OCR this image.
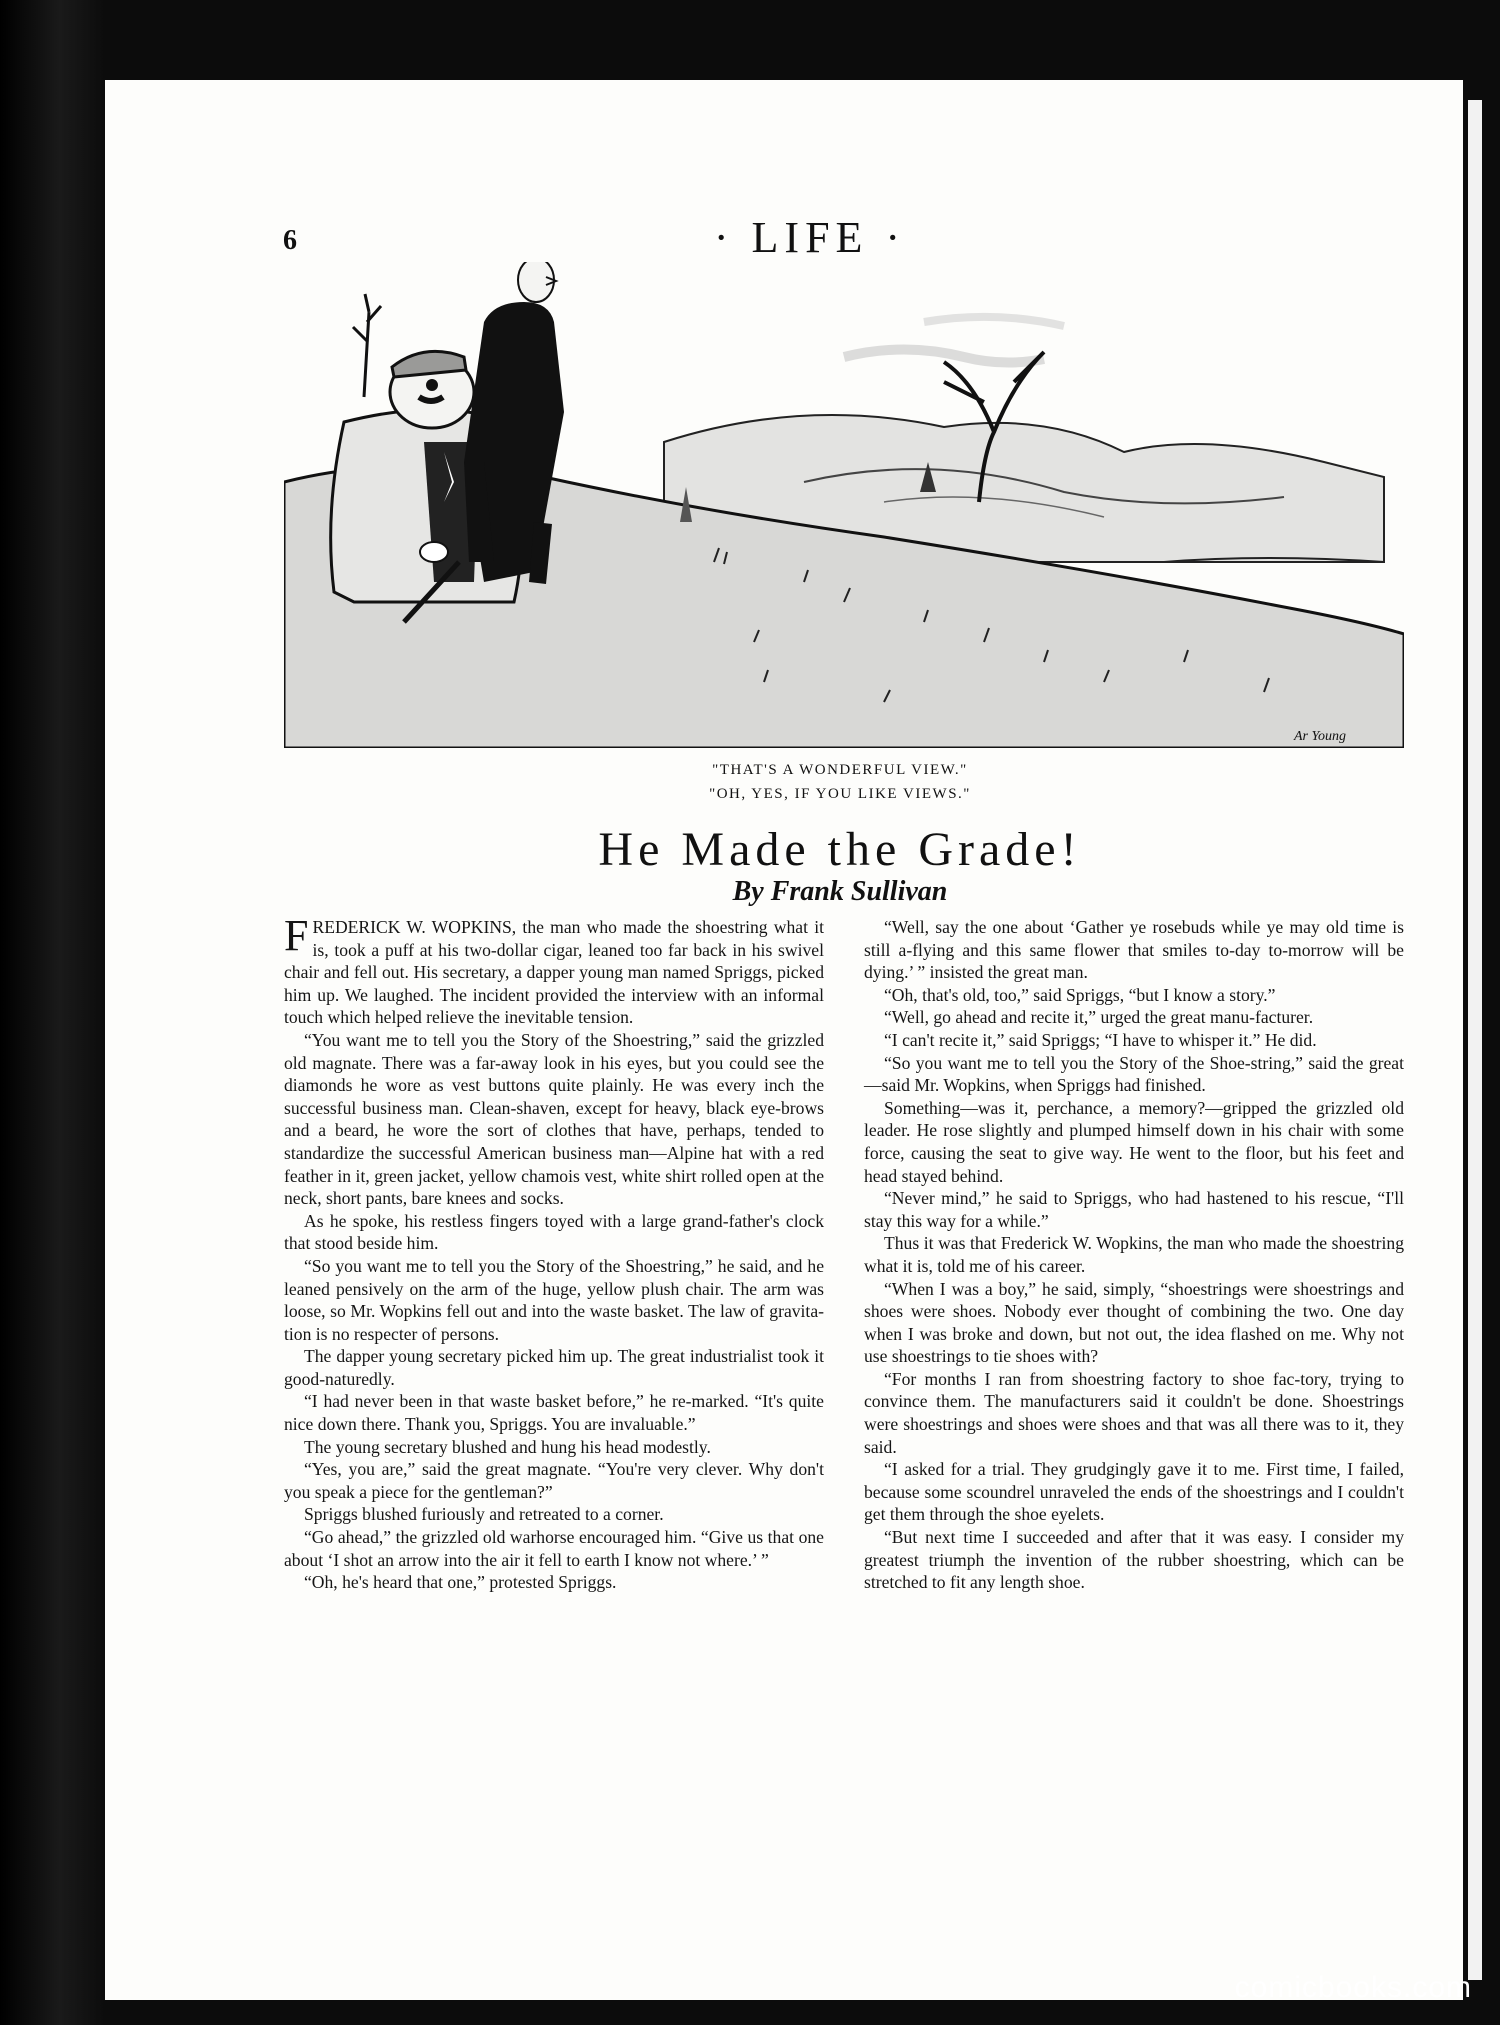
6	· LIFE ·
Ar Young
"THAT'S A WONDERFUL VIEW."
"OH, YES, IF YOU LIKE VIEWS."
He Made the Grade!
By Frank Sullivan

FREDERICK W. WOPKINS, the man who made the shoestring what it is, took a puff at his two-dollar cigar, leaned too far back in his swivel chair and fell out. His secretary, a dapper young man named Spriggs, picked him up. We laughed. The incident provided the interview with an informal touch which helped relieve the inevitable tension.

“You want me to tell you the Story of the Shoestring,” said the grizzled old magnate. There was a far-away look in his eyes, but you could see the diamonds he wore as vest buttons quite plainly. He was every inch the successful business man. Clean-shaven, except for heavy, black eye-brows and a beard, he wore the sort of clothes that have, perhaps, tended to standardize the successful American business man—Alpine hat with a red feather in it, green jacket, yellow chamois vest, white shirt rolled open at the neck, short pants, bare knees and socks.

As he spoke, his restless fingers toyed with a large grand-father's clock that stood beside him.

“So you want me to tell you the Story of the Shoestring,” he said, and he leaned pensively on the arm of the huge, yellow plush chair. The arm was loose, so Mr. Wopkins fell out and into the waste basket. The law of gravita-tion is no respecter of persons.

The dapper young secretary picked him up. The great industrialist took it good-naturedly.

“I had never been in that waste basket before,” he re-marked. “It's quite nice down there. Thank you, Spriggs. You are invaluable.”

The young secretary blushed and hung his head modestly.

“Yes, you are,” said the great magnate. “You're very clever. Why don't you speak a piece for the gentleman?”

Spriggs blushed furiously and retreated to a corner.

“Go ahead,” the grizzled old warhorse encouraged him. “Give us that one about ‘I shot an arrow into the air it fell to earth I know not where.’ ”

“Oh, he's heard that one,” protested Spriggs.

“Well, say the one about ‘Gather ye rosebuds while ye may old time is still a-flying and this same flower that smiles to-day to-morrow will be dying.’ ” insisted the great man.

“Oh, that's old, too,” said Spriggs, “but I know a story.”

“Well, go ahead and recite it,” urged the great manu-facturer.

“I can't recite it,” said Spriggs; “I have to whisper it.” He did.

“So you want me to tell you the Story of the Shoe-string,” said the great—said Mr. Wopkins, when Spriggs had finished.

Something—was it, perchance, a memory?—gripped the grizzled old leader. He rose slightly and plumped himself down in his chair with some force, causing the seat to give way. He went to the floor, but his feet and head stayed behind.

“Never mind,” he said to Spriggs, who had hastened to his rescue, “I'll stay this way for a while.”

Thus it was that Frederick W. Wopkins, the man who made the shoestring what it is, told me of his career.

“When I was a boy,” he said, simply, “shoestrings were shoestrings and shoes were shoes. Nobody ever thought of combining the two. One day when I was broke and down, but not out, the idea flashed on me. Why not use shoestrings to tie shoes with?

“For months I ran from shoestring factory to shoe fac-tory, trying to convince them. The manufacturers said it couldn't be done. Shoestrings were shoestrings and shoes were shoes and that was all there was to it, they said.

“I asked for a trial. They grudgingly gave it to me. First time, I failed, because some scoundrel unraveled the ends of the shoestrings and I couldn't get them through the shoe eyelets.

“But next time I succeeded and after that it was easy. I consider my greatest triumph the invention of the rubber shoestring, which can be stretched to fit any length shoe.

comicbooks.com
